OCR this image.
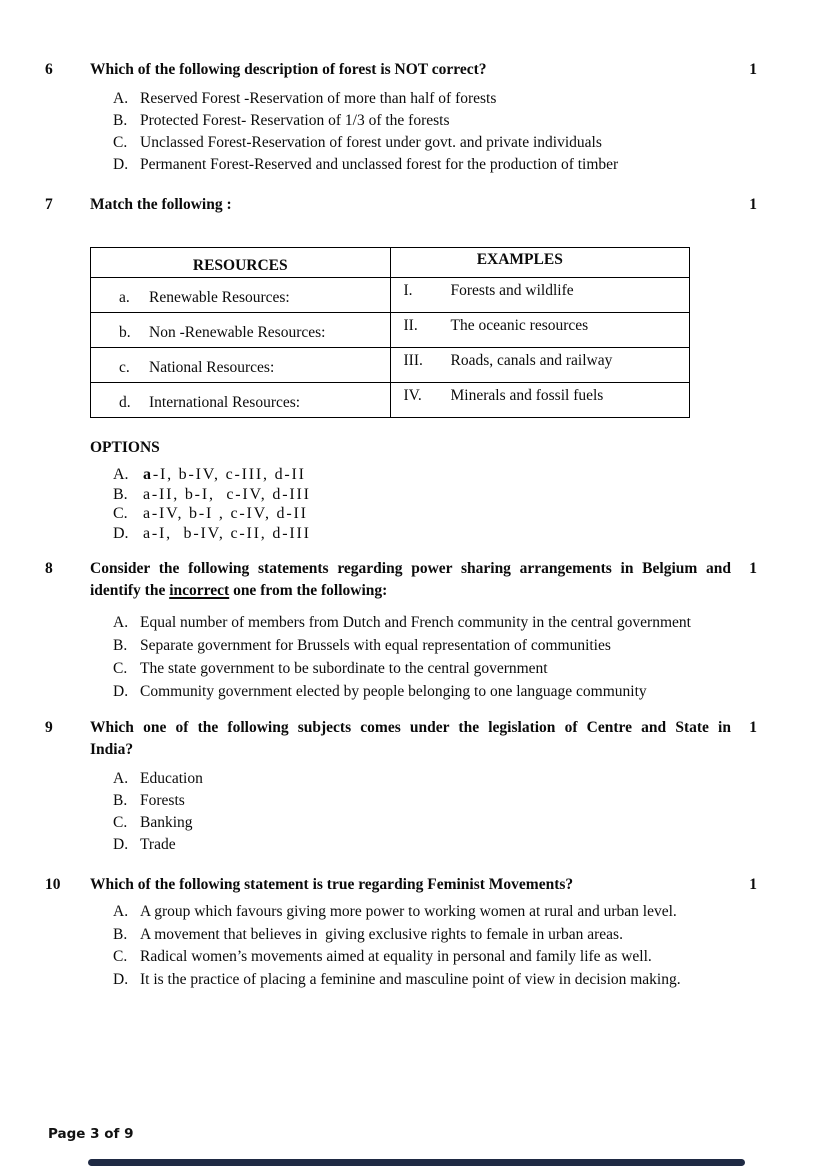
6	Which of the following description of forest is NOT correct?
A. Reserved Forest -Reservation of more than half of forests
B. Protected Forest- Reservation of 1/3 of the forests
C. Unclassed Forest-Reservation of forest under govt. and private individuals
D. Permanent Forest-Reserved and unclassed forest for the production of timber
1
7	Match the following :
RESOURCES	EXAMPLES
a. Renewable Resources:	I. Forests and wildlife
b. Non -Renewable Resources:	II. The oceanic resources
c. National Resources:	III. Roads, canals and railway
d. International Resources:	IV. Minerals and fossil fuels
OPTIONS
A. a-I, b-IV, c-III, d-II
B. a-II, b-I,  c-IV, d-III
C. a-IV, b-I , c-IV, d-II
D. a-I,  b-IV, c-II, d-III
1
8	Consider the following statements regarding power sharing arrangements in Belgium and
identify the incorrect one from the following:
A. Equal number of members from Dutch and French community in the central government
B. Separate government for Brussels with equal representation of communities
C. The state government to be subordinate to the central government
D. Community government elected by people belonging to one language community
1
9	Which one of the following subjects comes under the legislation of Centre and State in
India?
A. Education
B. Forests
C. Banking
D. Trade
1
10	Which of the following statement is true regarding Feminist Movements?
A. A group which favours giving more power to working women at rural and urban level.
B. A movement that believes in  giving exclusive rights to female in urban areas.
C. Radical women’s movements aimed at equality in personal and family life as well.
D. It is the practice of placing a feminine and masculine point of view in decision making.
1
Page 3 of 9
